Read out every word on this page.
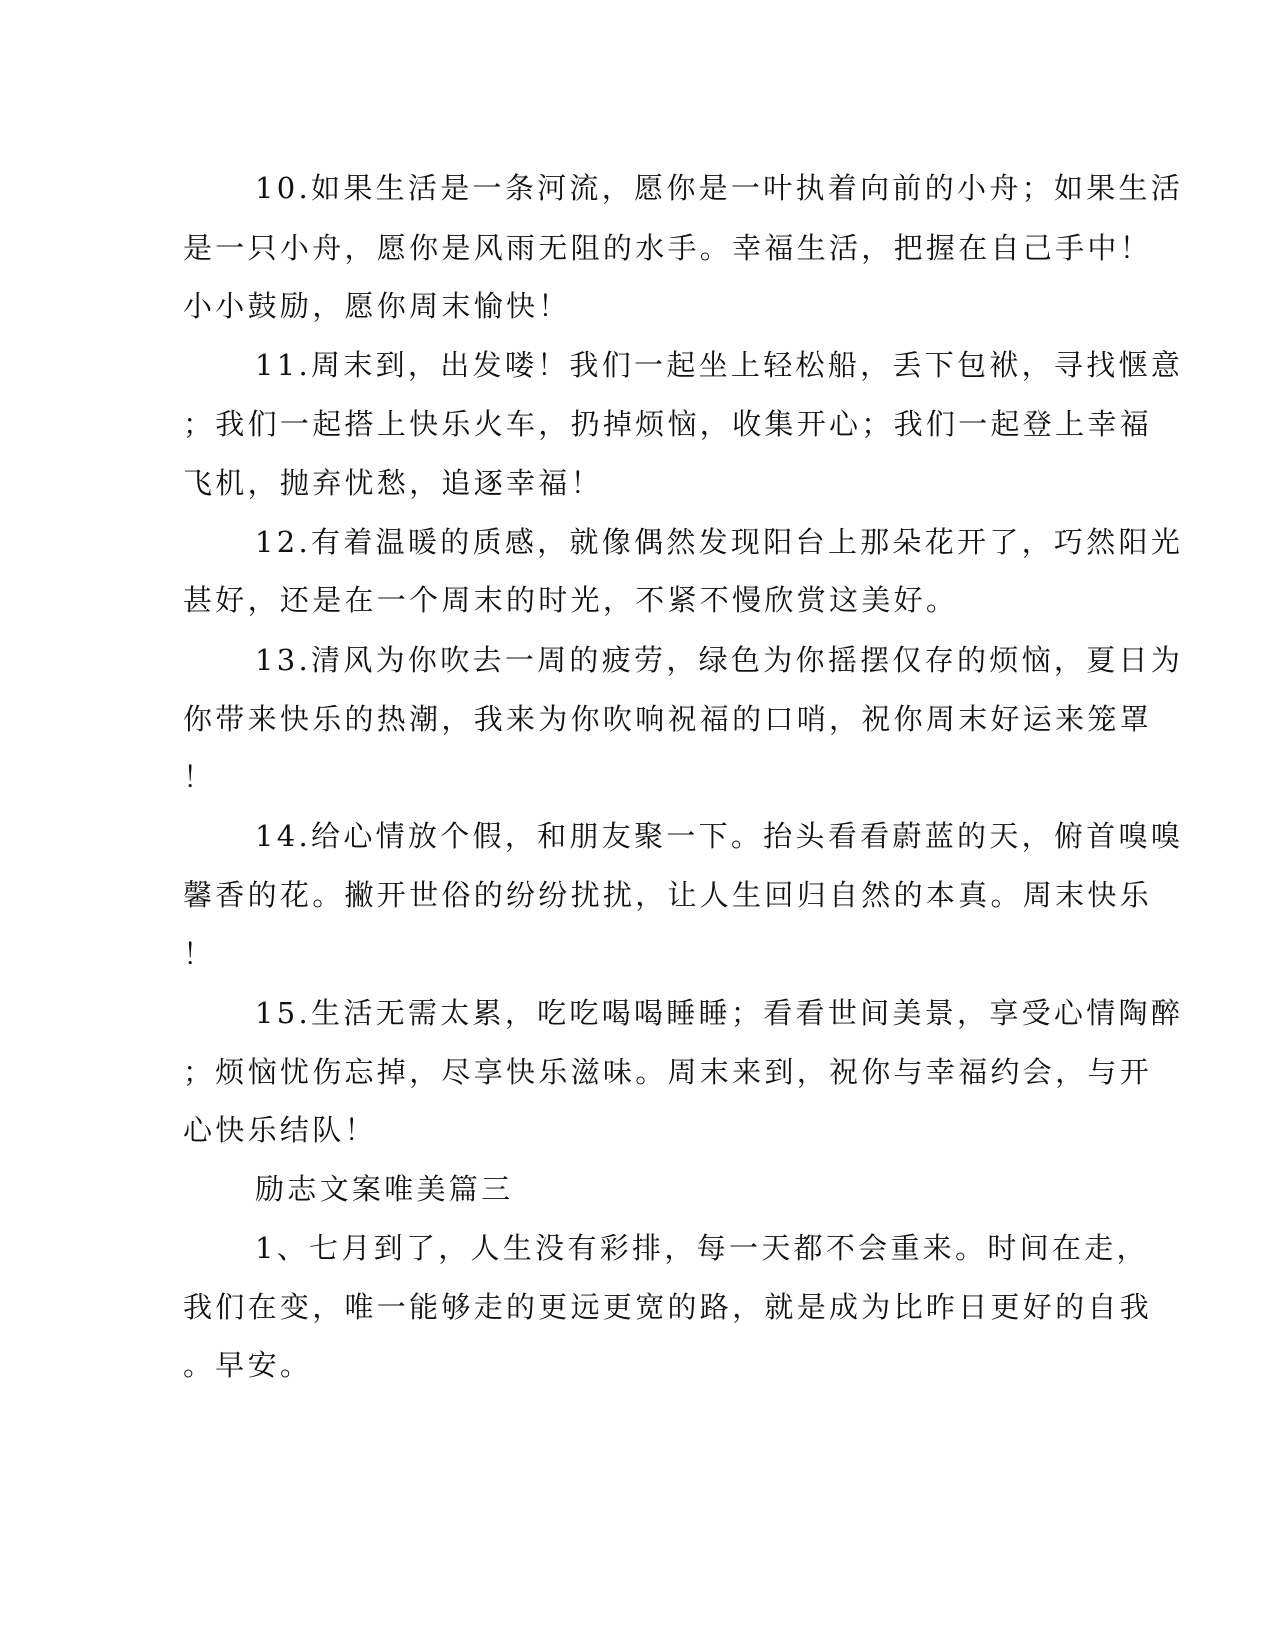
10.如果生活是一条河流，愿你是一叶执着向前的小舟；如果生活
是一只小舟，愿你是风雨无阻的水手。幸福生活，把握在自己手中！
小小鼓励，愿你周末愉快！
11.周末到，出发喽！我们一起坐上轻松船，丢下包袱，寻找惬意
；我们一起搭上快乐火车，扔掉烦恼，收集开心；我们一起登上幸福
飞机，抛弃忧愁，追逐幸福！
12.有着温暖的质感，就像偶然发现阳台上那朵花开了，巧然阳光
甚好，还是在一个周末的时光，不紧不慢欣赏这美好。
13.清风为你吹去一周的疲劳，绿色为你摇摆仅存的烦恼，夏日为
你带来快乐的热潮，我来为你吹响祝福的口哨，祝你周末好运来笼罩
！
14.给心情放个假，和朋友聚一下。抬头看看蔚蓝的天，俯首嗅嗅
馨香的花。撇开世俗的纷纷扰扰，让人生回归自然的本真。周末快乐
！
15.生活无需太累，吃吃喝喝睡睡；看看世间美景，享受心情陶醉
；烦恼忧伤忘掉，尽享快乐滋味。周末来到，祝你与幸福约会，与开
心快乐结队！
励志文案唯美篇三
1、七月到了，人生没有彩排，每一天都不会重来。时间在走，
我们在变，唯一能够走的更远更宽的路，就是成为比昨日更好的自我
。早安。
